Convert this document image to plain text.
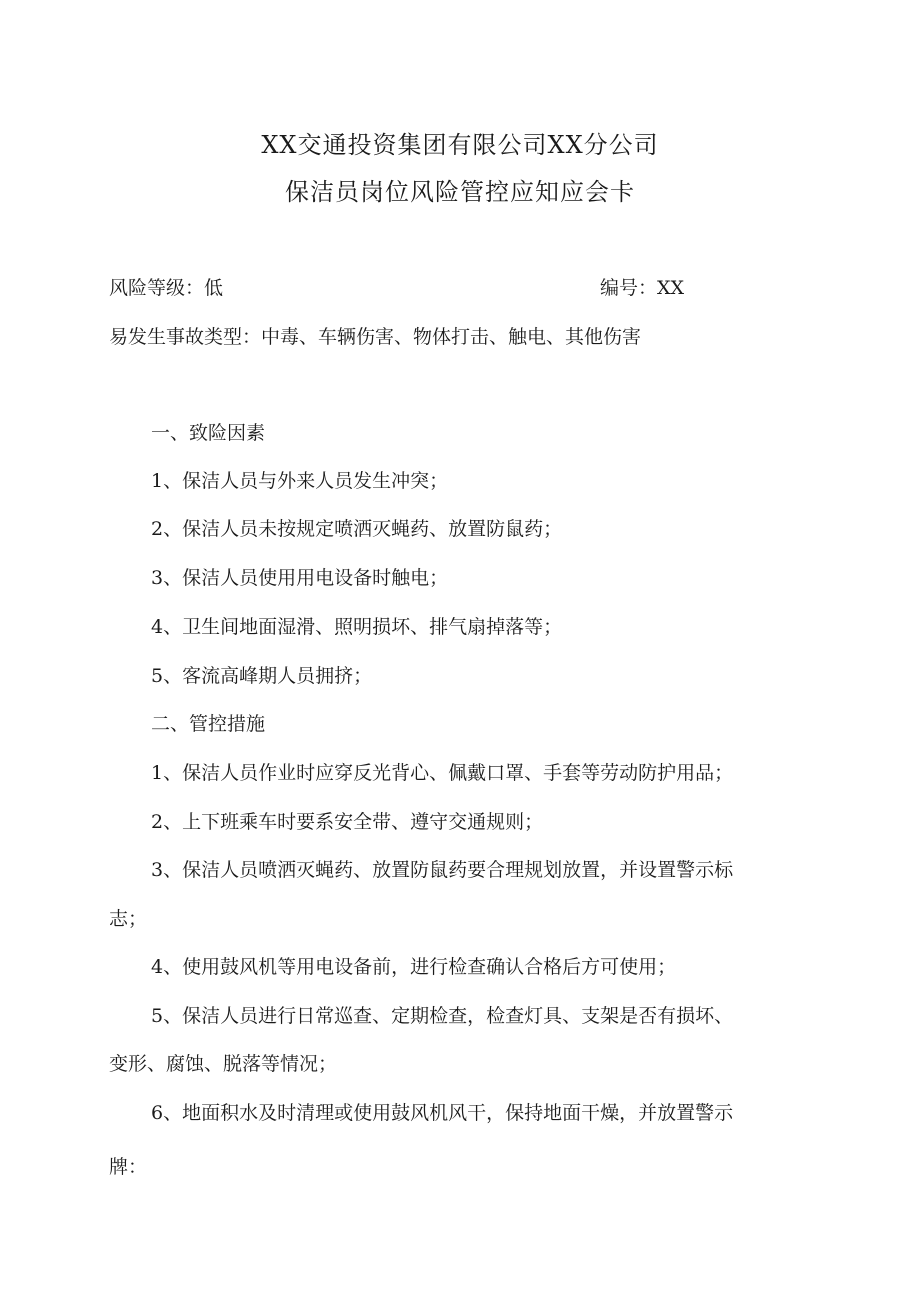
XX交通投资集团有限公司XX分公司
保洁员岗位风险管控应知应会卡
风险等级：低	编号：XX
易发生事故类型：中毒、车辆伤害、物体打击、触电、其他伤害
一、致险因素
1、保洁人员与外来人员发生冲突；
2、保洁人员未按规定喷洒灭蝇药、放置防鼠药；
3、保洁人员使用用电设备时触电；
4、卫生间地面湿滑、照明损坏、排气扇掉落等；
5、客流高峰期人员拥挤；
二、管控措施
1、保洁人员作业时应穿反光背心、佩戴口罩、手套等劳动防护用品；
2、上下班乘车时要系安全带、遵守交通规则；
3、保洁人员喷洒灭蝇药、放置防鼠药要合理规划放置，并设置警示标
志；
4、使用鼓风机等用电设备前，进行检查确认合格后方可使用；
5、保洁人员进行日常巡查、定期检查，检查灯具、支架是否有损坏、
变形、腐蚀、脱落等情况；
6、地面积水及时清理或使用鼓风机风干，保持地面干燥，并放置警示
牌：
